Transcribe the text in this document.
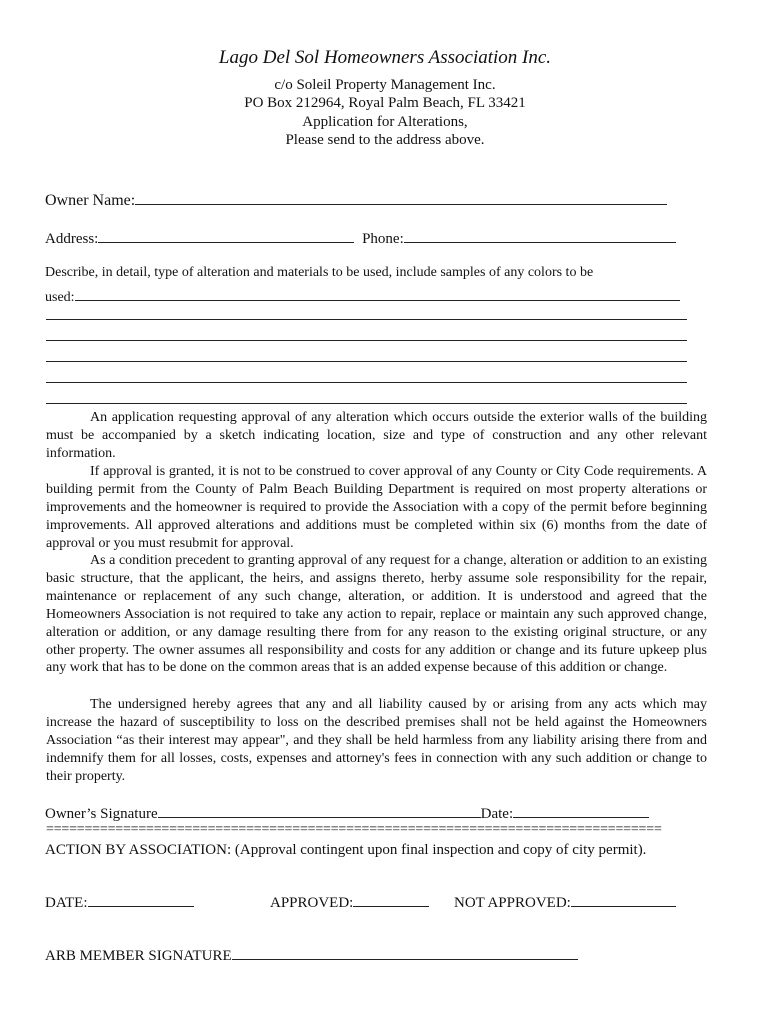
Lago Del Sol Homeowners Association Inc.
c/o Soleil Property Management Inc.
PO Box 212964, Royal Palm Beach, FL 33421
Application for Alterations,
Please send to the address above.
Owner Name:
Address:	Phone:
Describe, in detail, type of alteration and materials to be used, include samples of any colors to be
used:

An application requesting approval of any alteration which occurs outside the exterior walls of the building must be accompanied by a sketch indicating location, size and type of construction and any other relevant information.

If approval is granted, it is not to be construed to cover approval of any County or City Code requirements. A building permit from the County of Palm Beach Building Department is required on most property alterations or improvements and the homeowner is required to provide the Association with a copy of the permit before beginning improvements. All approved alterations and additions must be completed within six (6) months from the date of approval or you must resubmit for approval.

As a condition precedent to granting approval of any request for a change, alteration or addition to an existing basic structure, that the applicant, the heirs, and assigns thereto, herby assume sole responsibility for the repair, maintenance or replacement of any such change, alteration, or addition. It is understood and agreed that the Homeowners Association is not required to take any action to repair, replace or maintain any such approved change, alteration or addition, or any damage resulting there from for any reason to the existing original structure, or any other property. The owner assumes all responsibility and costs for any addition or change and its future upkeep plus any work that has to be done on the common areas that is an added expense because of this addition or change.

The undersigned hereby agrees that any and all liability caused by or arising from any acts which may increase the hazard of susceptibility to loss on the described premises shall not be held against the Homeowners Association “as their interest may appear", and they shall be held harmless from any liability arising there from and indemnify them for all losses, costs, expenses and attorney's fees in connection with any such addition or change to their property.

Owner’s Signature	Date:
================================================================================
ACTION BY ASSOCIATION: (Approval contingent upon final inspection and copy of city permit).
DATE:	APPROVED:	NOT APPROVED:
ARB MEMBER SIGNATURE
